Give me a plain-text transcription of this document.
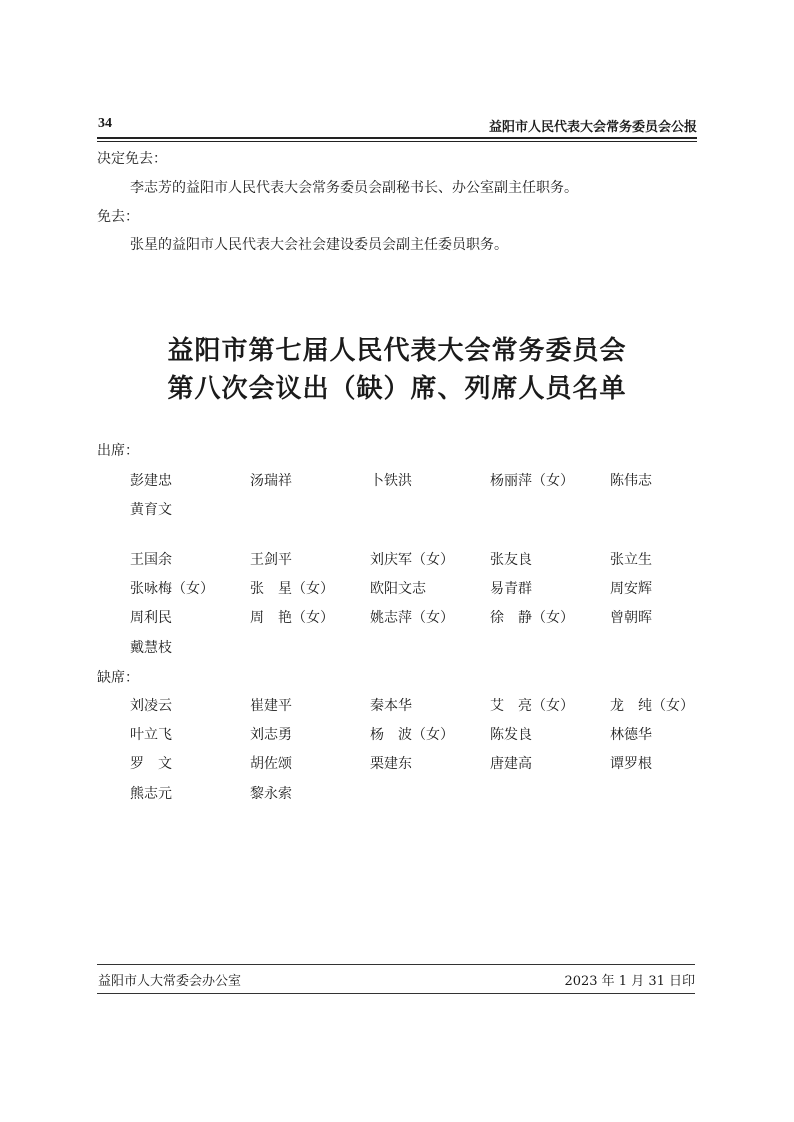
34	益阳市人民代表大会常务委员会公报
决定免去：
李志芳的益阳市人民代表大会常务委员会副秘书长、办公室副主任职务。
免去：
张星的益阳市人民代表大会社会建设委员会副主任委员职务。
益阳市第七届人民代表大会常务委员会
第八次会议出（缺）席、列席人员名单
出席：
彭建忠	汤瑞祥	卜铁洪	杨丽萍（女）	陈伟志
黄育文
王国余	王剑平	刘庆军（女）	张友良	张立生
张咏梅（女）	张　星（女）	欧阳文志	易青群	周安辉
周利民	周　艳（女）	姚志萍（女）	徐　静（女）	曾朝晖
戴慧枝
刘凌云	崔建平	秦本华	艾　亮（女）	龙　纯（女）
叶立飞	刘志勇	杨　波（女）	陈发良	林德华
罗　文	胡佐颂	栗建东	唐建高	谭罗根
熊志元	黎永索
缺席：
益阳市人大常委会办公室	2023 年 1 月 31 日印
